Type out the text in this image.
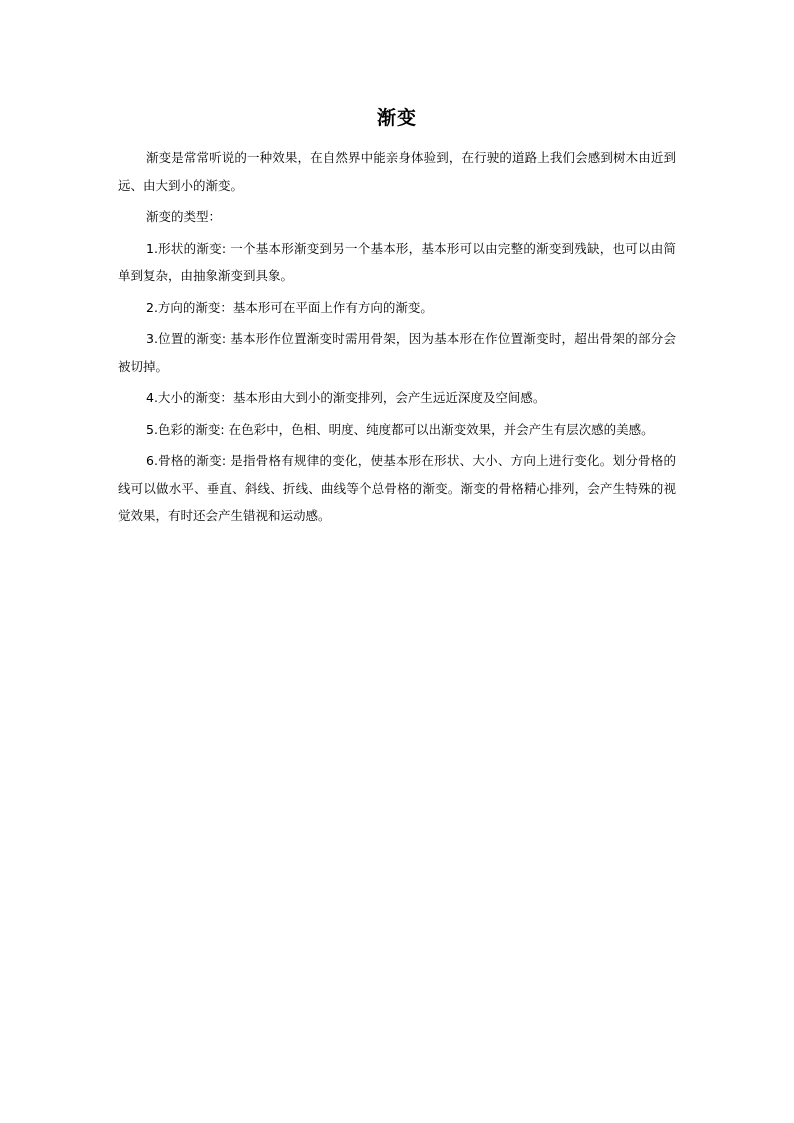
渐变

渐变是常常听说的一种效果，在自然界中能亲身体验到，在行驶的道路上我们会感到树木由近到远、由大到小的渐变。

渐变的类型：

1.形状的渐变: 一个基本形渐变到另一个基本形，基本形可以由完整的渐变到残缺，也可以由简单到复杂，由抽象渐变到具象。

2.方向的渐变：基本形可在平面上作有方向的渐变。

3.位置的渐变: 基本形作位置渐变时需用骨架，因为基本形在作位置渐变时，超出骨架的部分会被切掉。

4.大小的渐变：基本形由大到小的渐变排列，会产生远近深度及空间感。

5.色彩的渐变: 在色彩中，色相、明度、纯度都可以出渐变效果，并会产生有层次感的美感。

6.骨格的渐变: 是指骨格有规律的变化，使基本形在形状、大小、方向上进行变化。划分骨格的线可以做水平、垂直、斜线、折线、曲线等个总骨格的渐变。渐变的骨格精心排列，会产生特殊的视觉效果，有时还会产生错视和运动感。
